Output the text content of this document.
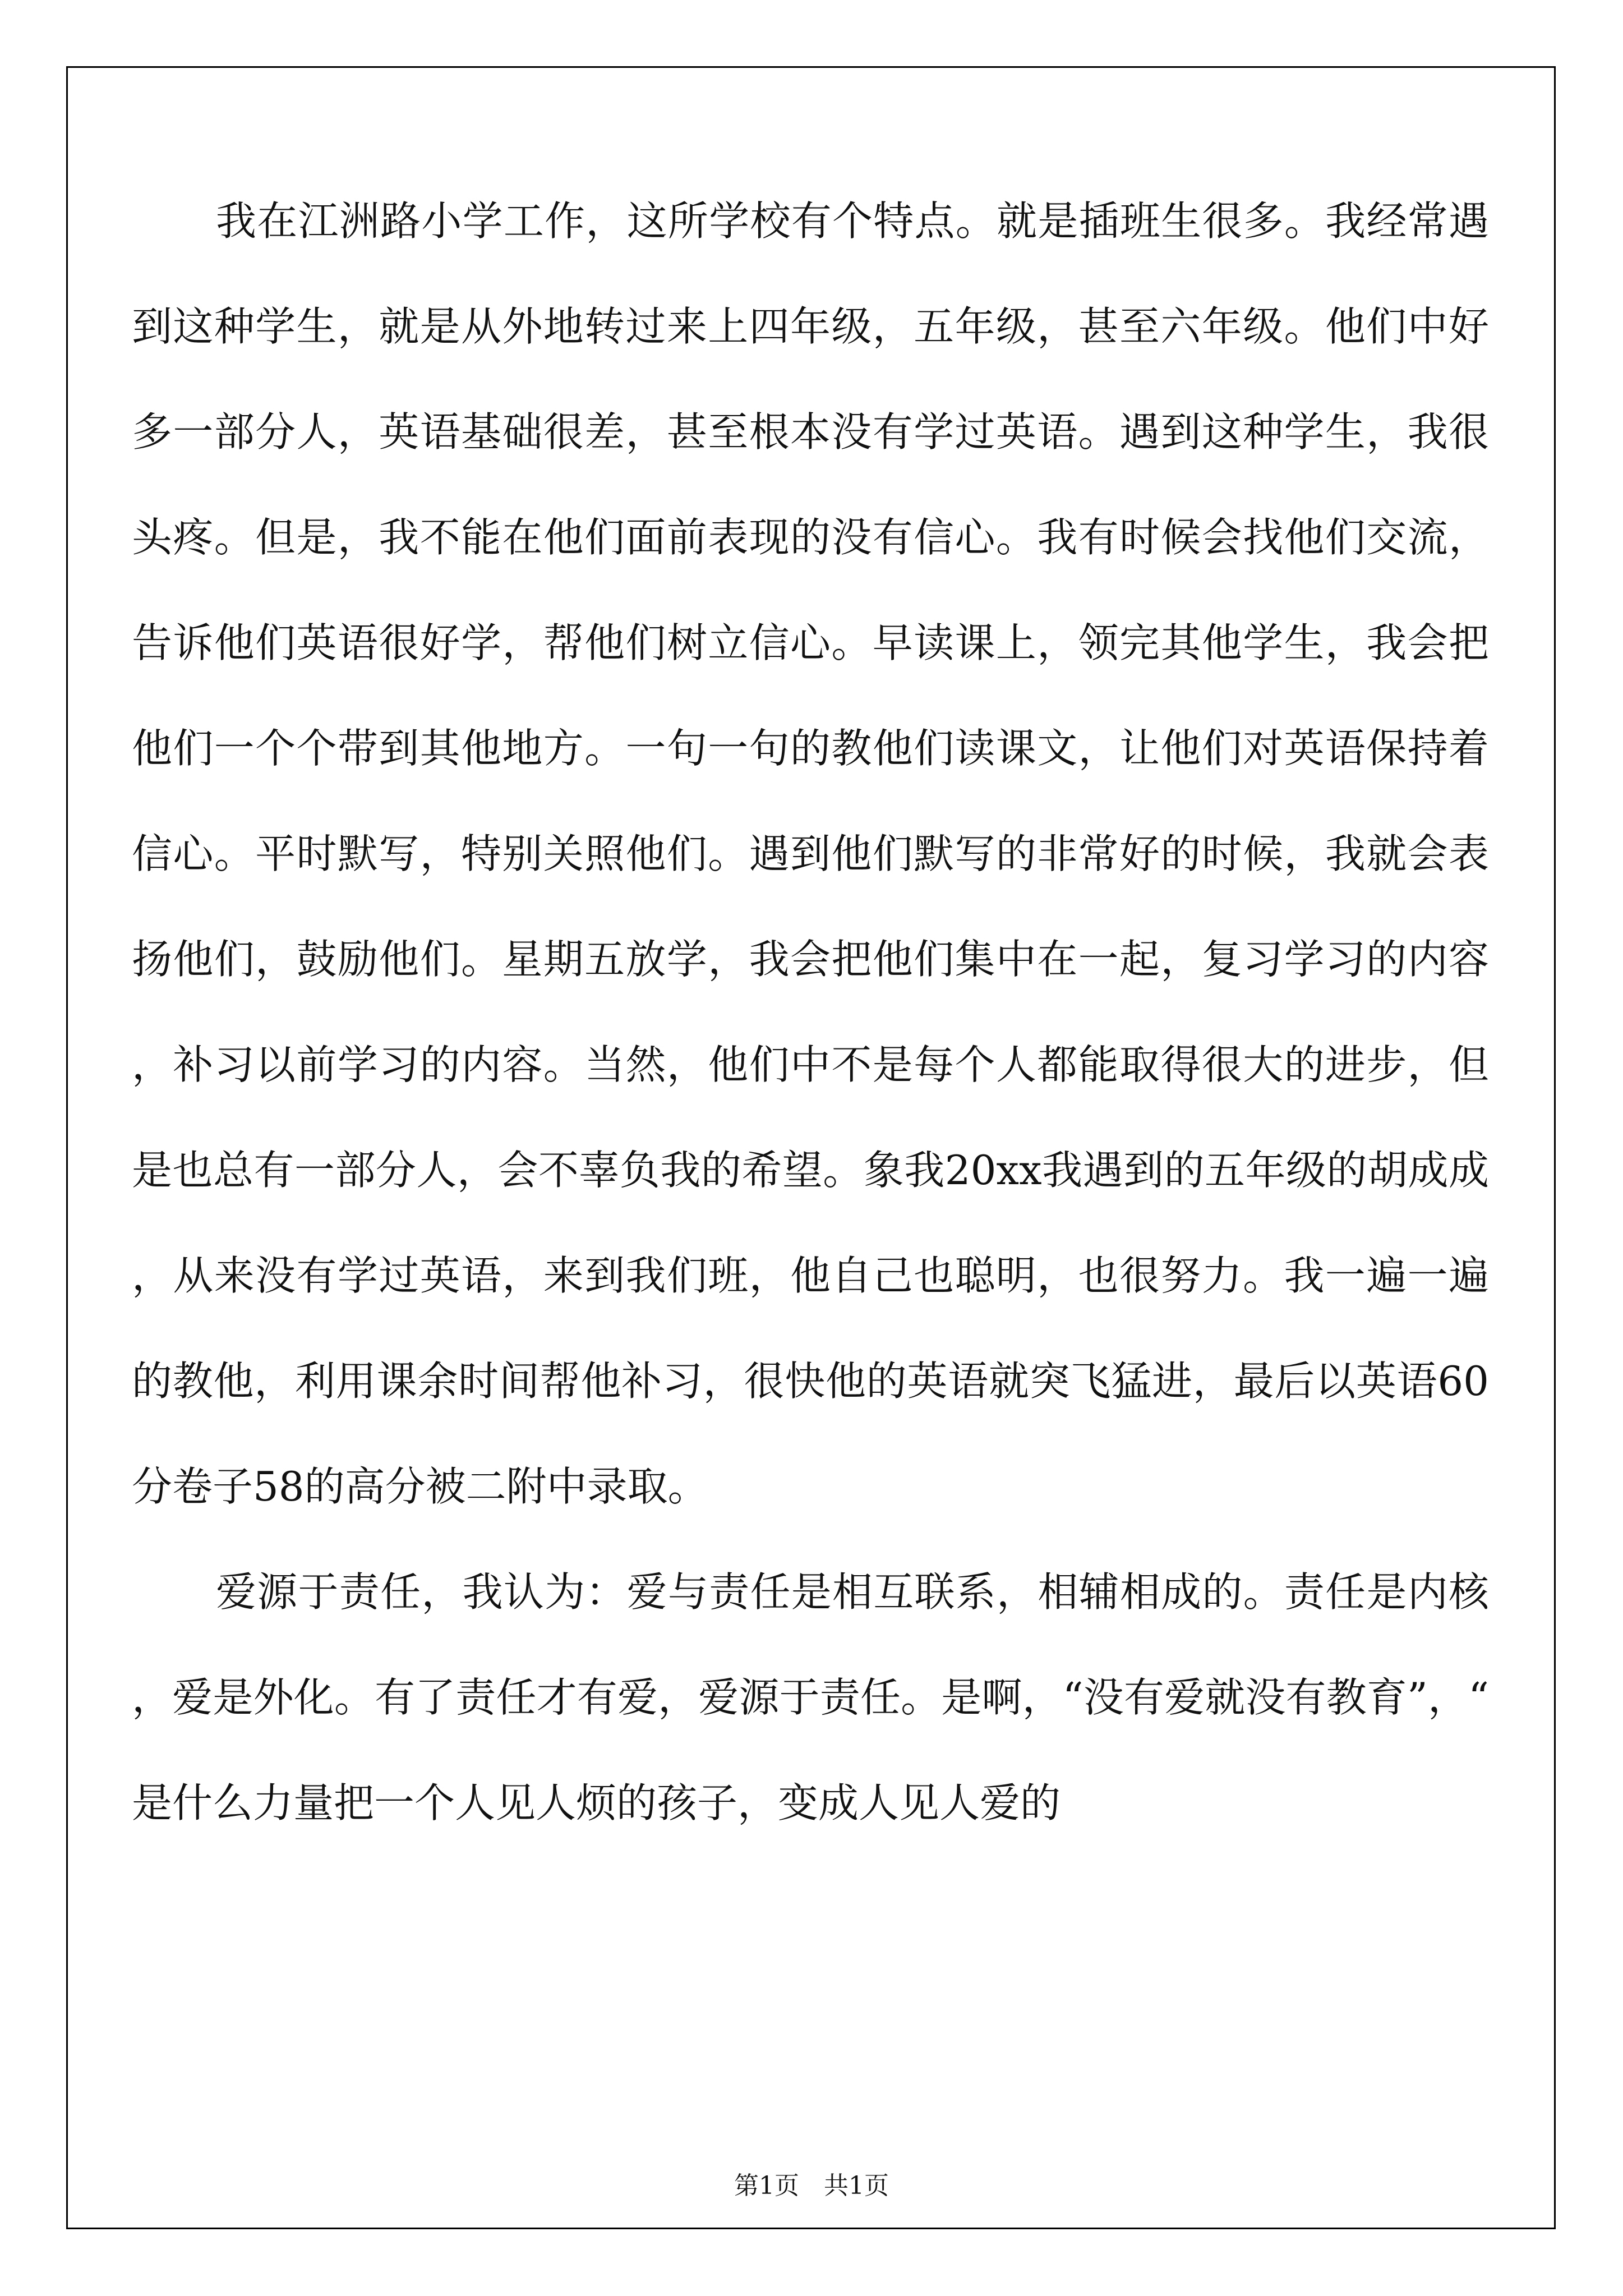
我在江洲路小学工作，这所学校有个特点。就是插班生很多。我经常遇到这种学生，就是从外地转过来上四年级，五年级，甚至六年级。他们中好多一部分人，英语基础很差，甚至根本没有学过英语。遇到这种学生，我很头疼。但是，我不能在他们面前表现的没有信心。我有时候会找他们交流，告诉他们英语很好学，帮他们树立信心。早读课上，领完其他学生，我会把他们一个个带到其他地方。一句一句的教他们读课文，让他们对英语保持着信心。平时默写，特别关照他们。遇到他们默写的非常好的时候，我就会表扬他们，鼓励他们。星期五放学，我会把他们集中在一起，复习学习的内容，补习以前学习的内容。当然，他们中不是每个人都能取得很大的进步，但是也总有一部分人，会不辜负我的希望。象我20xx我遇到的五年级的胡成成，从来没有学过英语，来到我们班，他自己也聪明，也很努力。我一遍一遍的教他，利用课余时间帮他补习，很快他的英语就突飞猛进，最后以英语60分卷子58的高分被二附中录取。

爱源于责任，我认为：爱与责任是相互联系，相辅相成的。责任是内核，爱是外化。有了责任才有爱，爱源于责任。是啊，“没有爱就没有教育”，“是什么力量把一个人见人烦的孩子，变成人见人爱的

第1页　共1页
